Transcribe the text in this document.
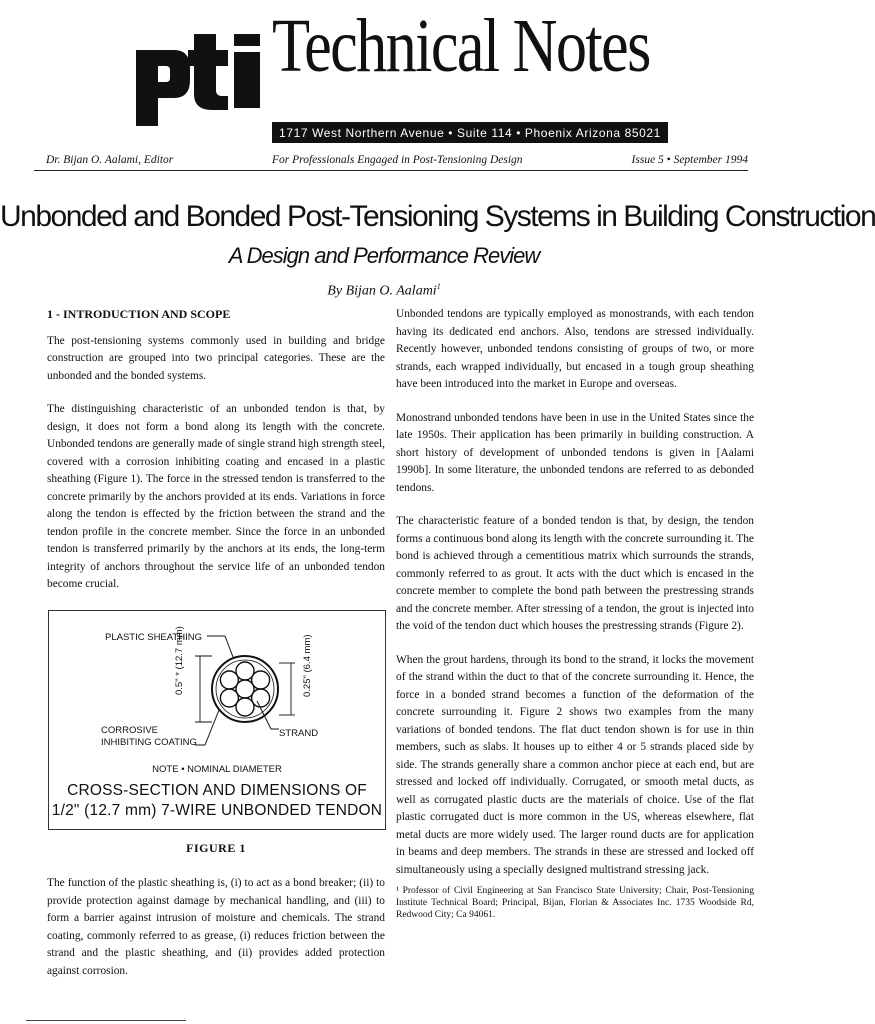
Technical Notes
1717 West Northern Avenue • Suite 114 • Phoenix Arizona 85021
Dr. Bijan O. Aalami, Editor	For Professionals Engaged in Post-Tensioning Design	Issue 5 • September 1994
Unbonded and Bonded Post-Tensioning Systems in Building Construction
A Design and Performance Review
By Bijan O. Aalami$^1$
1 - INTRODUCTION AND SCOPE

The post-tensioning systems commonly used in building and bridge construction are grouped into two principal categories. These are the unbonded and the bonded systems.

The distinguishing characteristic of an unbonded tendon is that, by design, it does not form a bond along its length with the concrete. Unbonded tendons are generally made of single strand high strength steel, covered with a corrosion inhibiting coating and encased in a plastic sheathing (Figure 1). The force in the stressed tendon is transferred to the concrete primarily by the anchors provided at its ends. Variations in force along the tendon is effected by the friction between the strand and the tendon profile in the concrete member. Since the force in an unbonded tendon is transferred primarily by the anchors at its ends, the long-term integrity of anchors throughout the service life of an unbonded tendon become crucial.

PLASTIC SHEATHING
0.5" * (12.7 mm)
0.25" (6.4 mm)
CORROSIVE
INHIBITING COATING
STRAND
NOTE • NOMINAL DIAMETER
CROSS-SECTION AND DIMENSIONS OF
1/2" (12.7 mm) 7-WIRE UNBONDED TENDON
FIGURE 1

The function of the plastic sheathing is, (i) to act as a bond breaker; (ii) to provide protection against damage by mechanical handling, and (iii) to form a barrier against intrusion of moisture and chemicals. The strand coating, commonly referred to as grease, (i) reduces friction between the strand and the plastic sheathing, and (ii) provides added protection against corrosion.

Unbonded tendons are typically employed as monostrands, with each tendon having its dedicated end anchors. Also, tendons are stressed individually. Recently however, unbonded tendons consisting of groups of two, or more strands, each wrapped individually, but encased in a tough group sheathing have been introduced into the market in Europe and overseas.

Monostrand unbonded tendons have been in use in the United States since the late 1950s. Their application has been primarily in building construction. A short history of development of unbonded tendons is given in [Aalami 1990b]. In some literature, the unbonded tendons are referred to as debonded tendons.

The characteristic feature of a bonded tendon is that, by design, the tendon forms a continuous bond along its length with the concrete surrounding it. The bond is achieved through a cementitious matrix which surrounds the strands, commonly referred to as grout. It acts with the duct which is encased in the concrete member to complete the bond path between the prestressing strands and the concrete member. After stressing of a tendon, the grout is injected into the void of the tendon duct which houses the prestressing strands (Figure 2).

When the grout hardens, through its bond to the strand, it locks the movement of the strand within the duct to that of the concrete surrounding it. Hence, the force in a bonded strand becomes a function of the deformation of the concrete surrounding it. Figure 2 shows two examples from the many variations of bonded tendons. The flat duct tendon shown is for use in thin members, such as slabs. It houses up to either 4 or 5 strands placed side by side. The strands generally share a common anchor piece at each end, but are stressed and locked off individually. Corrugated, or smooth metal ducts, as well as corrugated plastic ducts are the materials of choice. Use of the flat plastic corrugated duct is more common in the US, whereas elsewhere, flat metal ducts are more widely used. The larger round ducts are for application in beams and deep members. The strands in these are stressed and locked off simultaneously using a specially designed multistrand stressing jack.

¹ Professor of Civil Engineering at San Francisco State University; Chair, Post-Tensioning Institute Technical Board; Principal, Bijan, Florian & Associates Inc. 1735 Woodside Rd, Redwood City; Ca 94061.
